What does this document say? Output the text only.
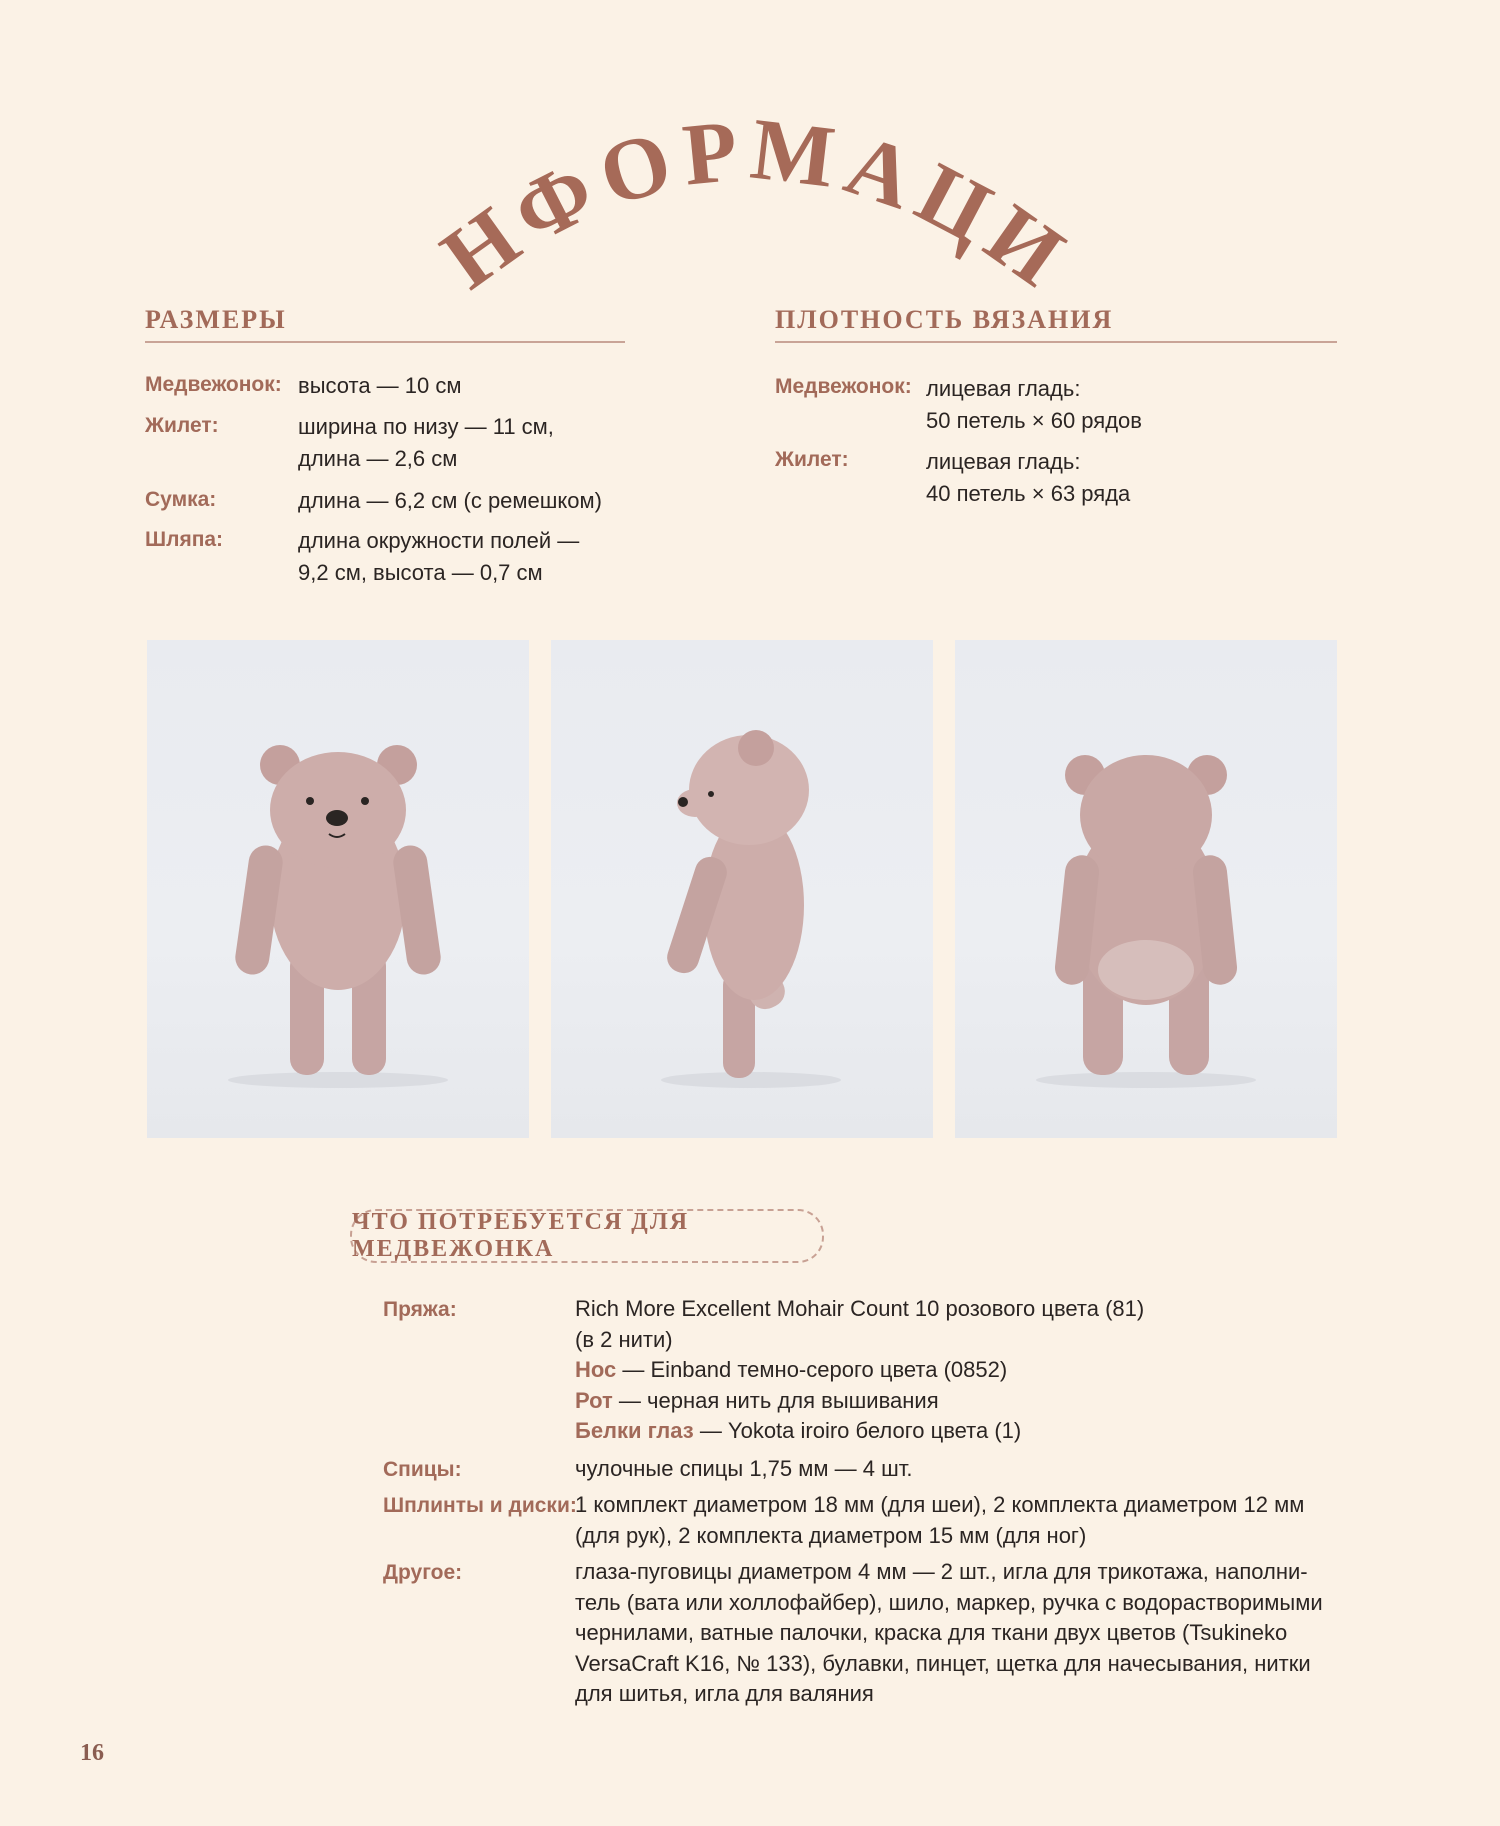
ИНФОРМАЦИЯ
РАЗМЕРЫ
Медвежонок: высота — 10 см
Жилет:	ширина по низу — 11 см,
длина — 2,6 см
Сумка:	длина — 6,2 см (с ремешком)
Шляпа:	длина окружности полей —
9,2 см, высота — 0,7 см
ПЛОТНОСТЬ ВЯЗАНИЯ
Медвежонок: лицевая гладь:
50 петель × 60 рядов
Жилет:	лицевая гладь:
40 петель × 63 ряда
ЧТО ПОТРЕБУЕТСЯ ДЛЯ МЕДВЕЖОНКА
Пряжа:	Rich More Excellent Mohair Count 10 розового цвета (81)
(в 2 нити)
Нос — Einband темно-серого цвета (0852)
Рот — черная нить для вышивания
Белки глаз — Yokota iroiro белого цвета (1)
Спицы:	чулочные спицы 1,75 мм — 4 шт.
Шплинты и диски:
1 комплект диаметром 18 мм (для шеи), 2 комплекта диаметром 12 мм
(для рук), 2 комплекта диаметром 15 мм (для ног)
Другое:	глаза-пуговицы диаметром 4 мм — 2 шт., игла для трикотажа, наполни-
тель (вата или холлофайбер), шило, маркер, ручка с водорастворимыми
чернилами, ватные палочки, краска для ткани двух цветов (Tsukineko
VersaCraft K16, № 133), булавки, пинцет, щетка для начесывания, нитки
для шитья, игла для валяния
16
